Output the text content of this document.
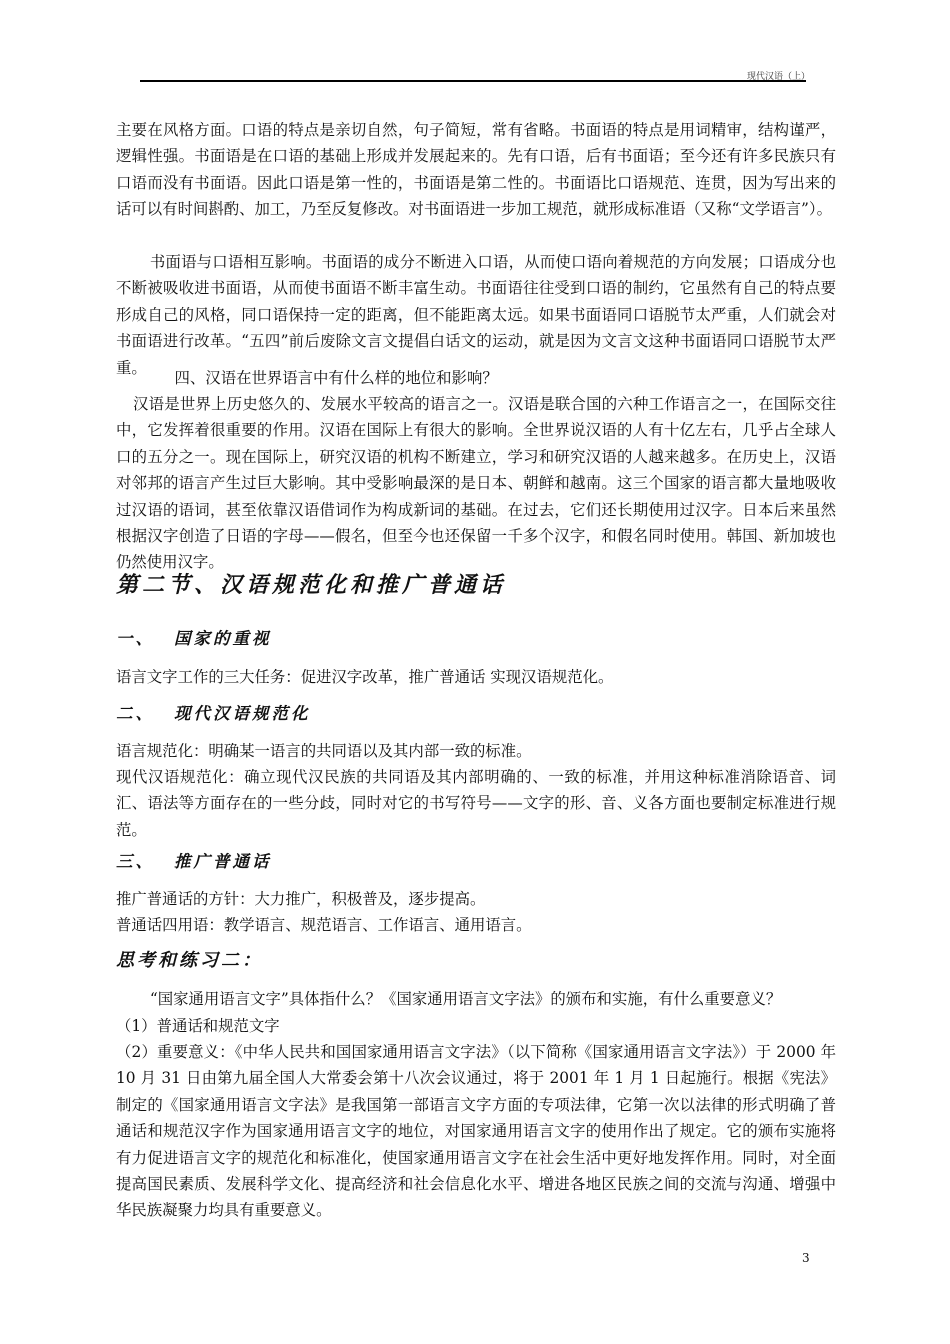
现代汉语（上）

主要在风格方面。口语的特点是亲切自然，句子简短，常有省略。书面语的特点是用词精审，结构谨严，逻辑性强。书面语是在口语的基础上形成并发展起来的。先有口语，后有书面语；至今还有许多民族只有口语而没有书面语。因此口语是第一性的，书面语是第二性的。书面语比口语规范、连贯，因为写出来的话可以有时间斟酌、加工，乃至反复修改。对书面语进一步加工规范，就形成标准语（又称“文学语言”）。

书面语与口语相互影响。书面语的成分不断进入口语，从而使口语向着规范的方向发展；口语成分也不断被吸收进书面语，从而使书面语不断丰富生动。书面语往往受到口语的制约，它虽然有自己的特点要形成自己的风格，同口语保持一定的距离，但不能距离太远。如果书面语同口语脱节太严重，人们就会对书面语进行改革。“五四”前后废除文言文提倡白话文的运动，就是因为文言文这种书面语同口语脱节太严重。

四、汉语在世界语言中有什么样的地位和影响？

汉语是世界上历史悠久的、发展水平较高的语言之一。汉语是联合国的六种工作语言之一，在国际交往中，它发挥着很重要的作用。汉语在国际上有很大的影响。全世界说汉语的人有十亿左右，几乎占全球人口的五分之一。现在国际上，研究汉语的机构不断建立，学习和研究汉语的人越来越多。在历史上，汉语对邻邦的语言产生过巨大影响。其中受影响最深的是日本、朝鲜和越南。这三个国家的语言都大量地吸收过汉语的语词，甚至依靠汉语借词作为构成新词的基础。在过去，它们还长期使用过汉字。日本后来虽然根据汉字创造了日语的字母——假名，但至今也还保留一千多个汉字，和假名同时使用。韩国、新加坡也仍然使用汉字。

第二节、汉语规范化和推广普通话
一、 国家的重视

语言文字工作的三大任务：促进汉字改革，推广普通话 实现汉语规范化。

二、 现代汉语规范化

语言规范化：明确某一语言的共同语以及其内部一致的标准。

现代汉语规范化：确立现代汉民族的共同语及其内部明确的、一致的标准，并用这种标准消除语音、词汇、语法等方面存在的一些分歧，同时对它的书写符号——文字的形、音、义各方面也要制定标准进行规范。

三、 推广普通话

推广普通话的方针：大力推广，积极普及，逐步提高。

普通话四用语：教学语言、规范语言、工作语言、通用语言。

思考和练习二：

“国家通用语言文字”具体指什么？《国家通用语言文字法》的颁布和实施，有什么重要意义？

（1）普通话和规范文字

（2）重要意义：《中华人民共和国国家通用语言文字法》（以下简称《国家通用语言文字法》）于 2000 年 10 月 31 日由第九届全国人大常委会第十八次会议通过，将于 2001 年 1 月 1 日起施行。根据《宪法》制定的《国家通用语言文字法》是我国第一部语言文字方面的专项法律，它第一次以法律的形式明确了普通话和规范汉字作为国家通用语言文字的地位，对国家通用语言文字的使用作出了规定。它的颁布实施将有力促进语言文字的规范化和标准化，使国家通用语言文字在社会生活中更好地发挥作用。同时，对全面提高国民素质、发展科学文化、提高经济和社会信息化水平、增进各地区民族之间的交流与沟通、增强中华民族凝聚力均具有重要意义。

3
